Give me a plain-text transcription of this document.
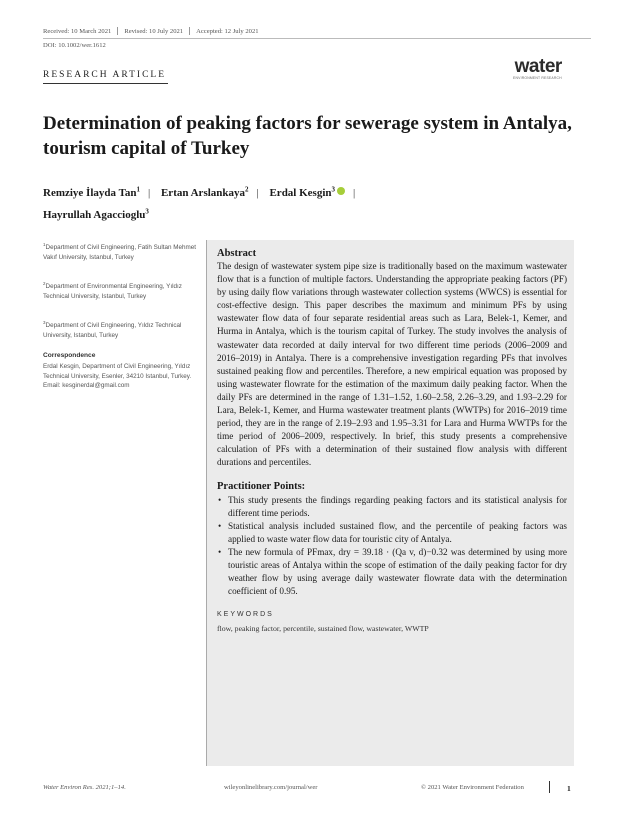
Received: 10 March 2021 Revised: 10 July 2021 Accepted: 12 July 2021
DOI: 10.1002/wer.1612
RESEARCH ARTICLE	water
ENVIRONMENT RESEARCH
Determination of peaking factors for sewerage system in Antalya, tourism capital of Turkey
Remziye İlayda Tan$^1$ | Ertan Arslankaya$^2$ | Erdal Kesgin$^3$ |
Hayrullah Agaccioglu$^3$
$^1$Department of Civil Engineering, Fatih Sultan Mehmet Vakıf University, Istanbul, Turkey
$^2$Department of Environmental Engineering, Yıldız Technical University, Istanbul, Turkey
$^3$Department of Civil Engineering, Yıldız Technical University, Istanbul, Turkey
Correspondence
Erdal Kesgin, Department of Civil Engineering, Yıldız Technical University, Esenler, 34210 Istanbul, Turkey.
Email: kesginerdal@gmail.com
Abstract

The design of wastewater system pipe size is traditionally based on the maximum wastewater flow that is a function of multiple factors. Understanding the appropriate peaking factors (PF) by using daily flow variations through wastewater collection systems (WWCS) is essential for cost-effective design. This paper describes the maximum and minimum PFs by using wastewater flow data of four separate residential areas such as Lara, Belek-1, Kemer, and Hurma in Antalya, which is the tourism capital of Turkey. The study involves the analysis of wastewater data recorded at daily interval for two different time periods (2006–2009 and 2016–2019) in Antalya. There is a comprehensive investigation regarding PFs that involves sustained peaking flow and percentiles. Therefore, a new empirical equation was proposed by using wastewater flowrate for the estimation of the maximum daily peaking factor. When the daily PFs are determined in the range of 1.31–1.52, 1.60–2.58, 2.26–3.29, and 1.93–2.29 for Lara, Belek-1, Kemer, and Hurma wastewater treatment plants (WWTPs) for 2016–2019 time period, they are in the range of 2.19–2.93 and 1.95–3.31 for Lara and Hurma WWTPs for the time period of 2006–2009, respectively. In brief, this study presents a comprehensive calculation of PFs with a determination of their sustained flow analysis with different durations and percentiles.

Practitioner Points:
• This study presents the findings regarding peaking factors and its statistical analysis for different time periods.
• Statistical analysis included sustained flow, and the percentile of peaking factors was applied to waste water flow data for touristic city of Antalya.
• The new formula of PFmax, dry = 39.18 · (Qa v, d)−0.32 was determined by using more touristic areas of Antalya within the scope of estimation of the daily peaking factor for dry weather flow by using average daily wastewater flowrate data with the determination coefficient of 0.95.
KEYWORDS
flow, peaking factor, percentile, sustained flow, wastewater, WWTP
Water Environ Res. 2021;1–14.	wileyonlinelibrary.com/journal/wer	© 2021 Water Environment Federation	1
